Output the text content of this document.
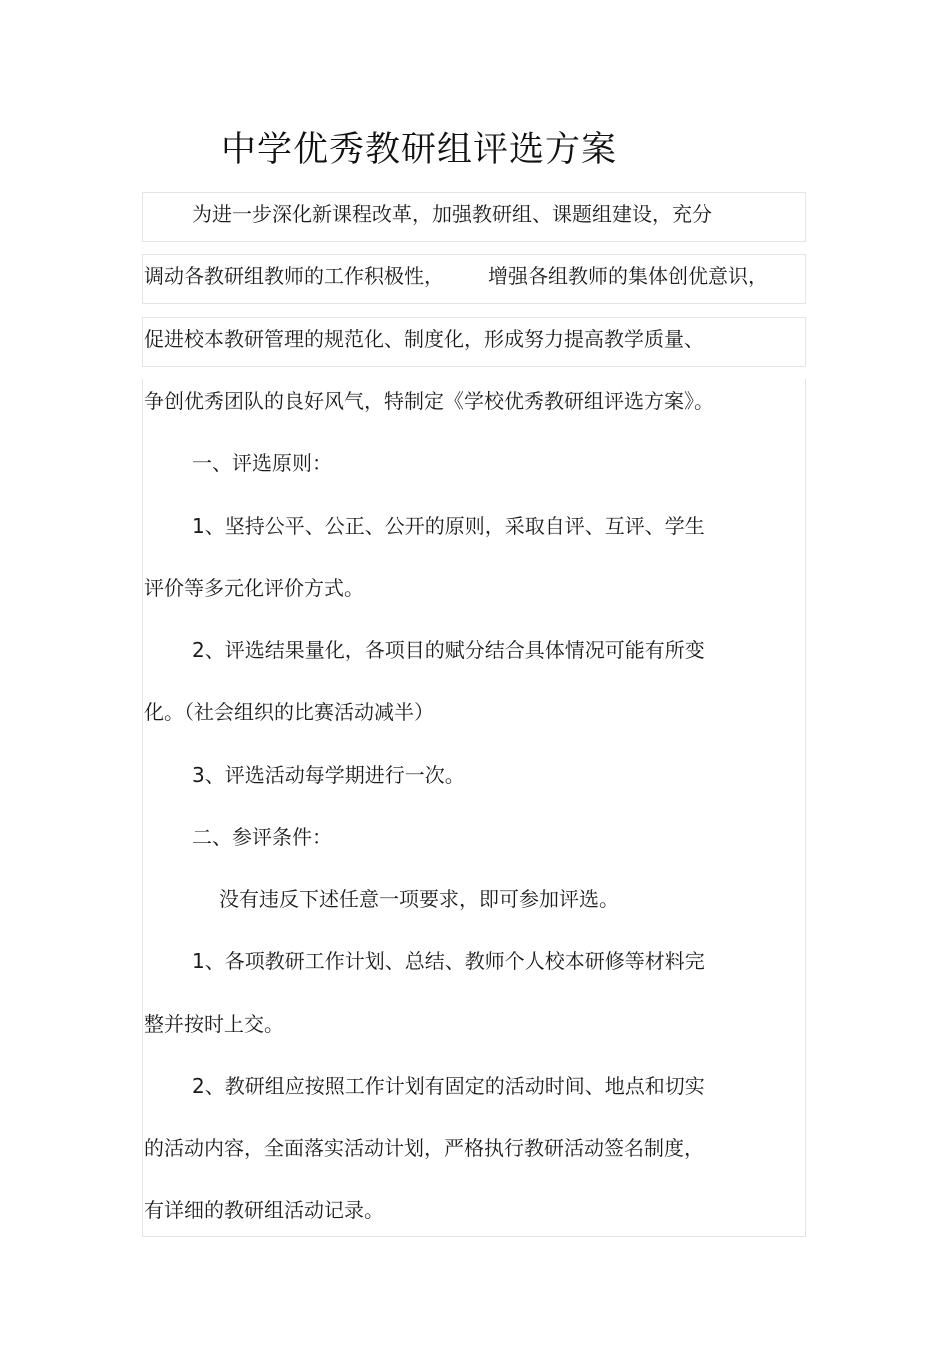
中学优秀教研组评选方案
为进一步深化新课程改革，加强教研组、课题组建设，充分
调动各教研组教师的工作积极性， 增强各组教师的集体创优意识，
促进校本教研管理的规范化、制度化，形成努力提高教学质量、
争创优秀团队的良好风气，特制定《学校优秀教研组评选方案》。
一、评选原则：
1、坚持公平、公正、公开的原则，采取自评、互评、学生
评价等多元化评价方式。
2、评选结果量化，各项目的赋分结合具体情况可能有所变
化。（社会组织的比赛活动减半）
3、评选活动每学期进行一次。
二、参评条件：
没有违反下述任意一项要求，即可参加评选。
1、各项教研工作计划、总结、教师个人校本研修等材料完
整并按时上交。
2、教研组应按照工作计划有固定的活动时间、地点和切实
的活动内容，全面落实活动计划，严格执行教研活动签名制度，
有详细的教研组活动记录。
